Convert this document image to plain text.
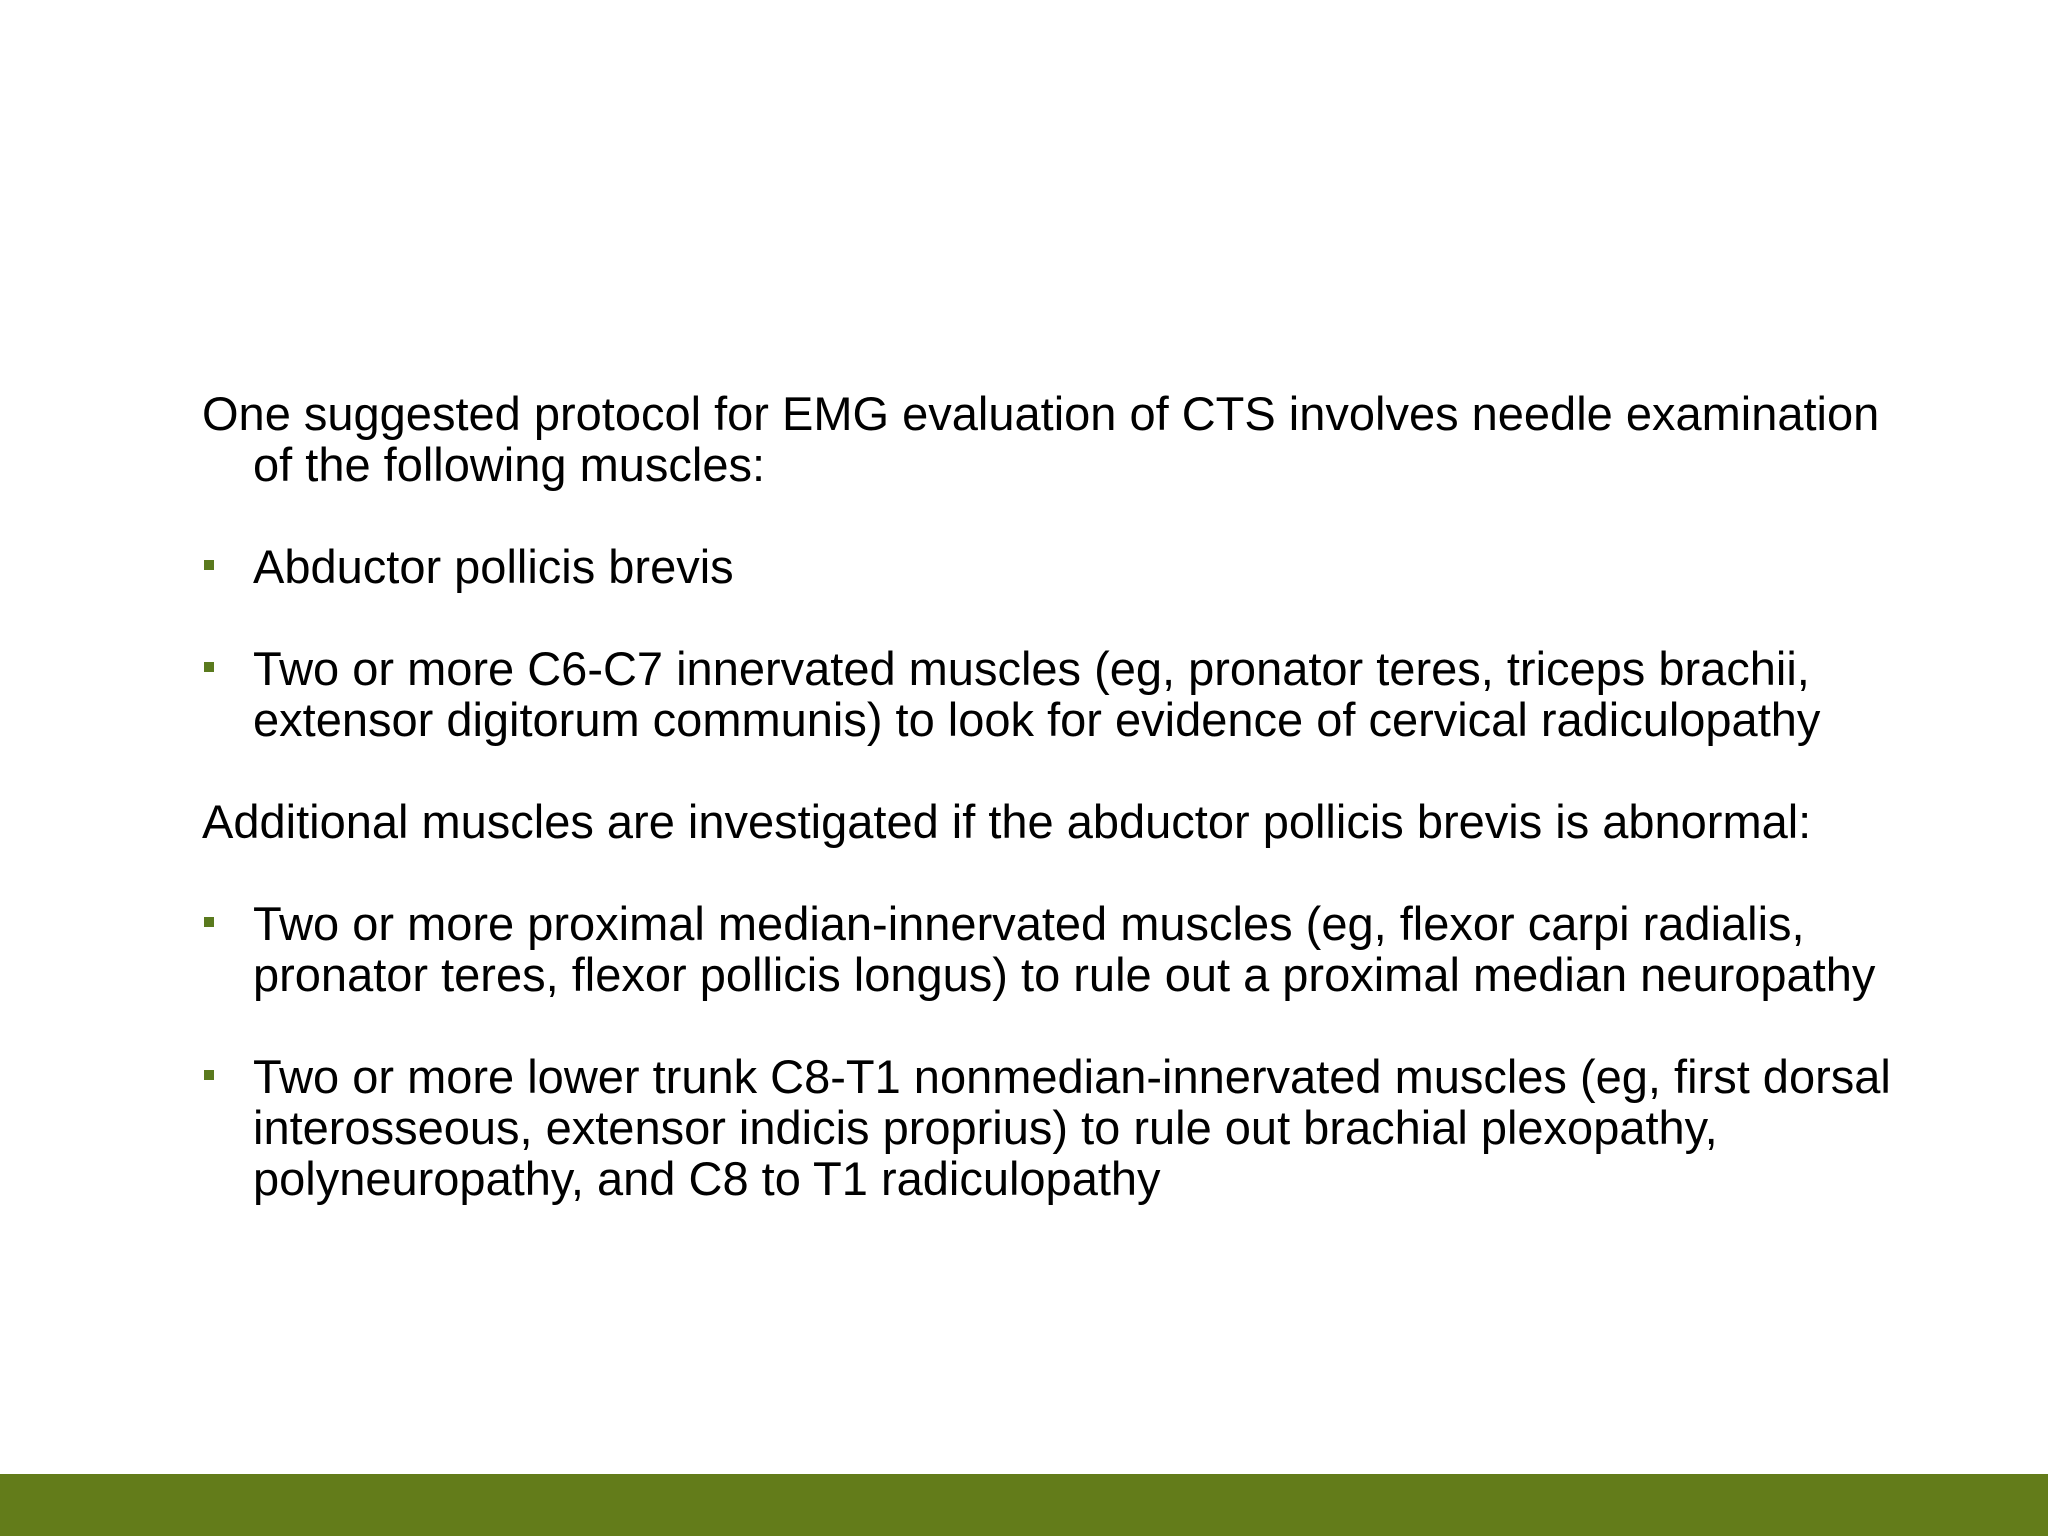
One suggested protocol for EMG evaluation of CTS involves needle examination of the following muscles:

Abductor pollicis brevis
Two or more C6-C7 innervated muscles (eg, pronator teres, triceps brachii, extensor digitorum communis) to look for evidence of cervical radiculopathy

Additional muscles are investigated if the abductor pollicis brevis is abnormal:

Two or more proximal median-innervated muscles (eg, flexor carpi radialis, pronator teres, flexor pollicis longus) to rule out a proximal median neuropathy
Two or more lower trunk C8-T1 nonmedian-innervated muscles (eg, first dorsal interosseous, extensor indicis proprius) to rule out brachial plexopathy, polyneuropathy, and C8 to T1 radiculopathy
